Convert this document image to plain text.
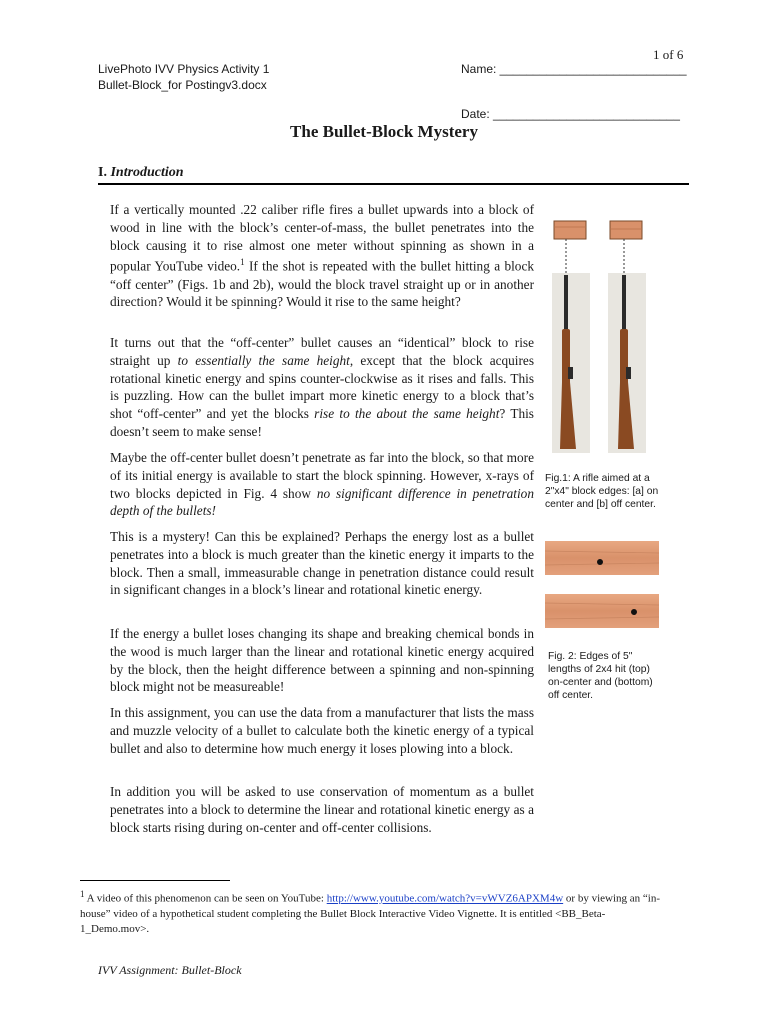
1 of 6
LivePhoto IVV Physics Activity 1
Bullet-Block_for Postingv3.docx
Name: ____________________________
Date: ____________________________
The Bullet-Block Mystery
I. Introduction

If a vertically mounted .22 caliber rifle fires a bullet upwards into a block of wood in line with the block’s center-of-mass, the bullet penetrates into the block causing it to rise almost one meter without spinning as shown in a popular YouTube video.$^1$ If the shot is repeated with the bullet hitting a block “off center” (Figs. 1b and 2b), would the block travel straight up or in another direction? Would it be spinning? Would it rise to the same height?

It turns out that the “off-center” bullet causes an “identical” block to rise straight up to essentially the same height, except that the block acquires rotational kinetic energy and spins counter-clockwise as it rises and falls. This is puzzling. How can the bullet impart more kinetic energy to a block that’s shot “off-center” and yet the blocks rise to the about the same height? This doesn’t seem to make sense!

Maybe the off-center bullet doesn’t penetrate as far into the block, so that more of its initial energy is available to start the block spinning. However, x-rays of two blocks depicted in Fig. 4 show no significant difference in penetration depth of the bullets!

This is a mystery! Can this be explained? Perhaps the energy lost as a bullet penetrates into a block is much greater than the kinetic energy it imparts to the block. Then a small, immeasurable change in penetration distance could result in significant changes in a block’s linear and rotational kinetic energy.

If the energy a bullet loses changing its shape and breaking chemical bonds in the wood is much larger than the linear and rotational kinetic energy acquired by the block, then the height difference between a spinning and non-spinning block might not be measureable!

In this assignment, you can use the data from a manufacturer that lists the mass and muzzle velocity of a bullet to calculate both the kinetic energy of a typical bullet and also to determine how much energy it loses plowing into a block.

In addition you will be asked to use conservation of momentum as a bullet penetrates into a block to determine the linear and rotational kinetic energy as a block starts rising during on-center and off-center collisions.

Fig.1: A rifle aimed at a 2"x4" block edges: [a] on center and [b] off center.
Fig. 2: Edges of 5" lengths of 2x4 hit (top) on-center and (bottom) off center.
$^1$ A video of this phenomenon can be seen on YouTube: http://www.youtube.com/watch?v=vWVZ6APXM4w or by viewing an “in-house” video of a hypothetical student completing the Bullet Block Interactive Video Vignette. It is entitled <BB_Beta-1_Demo.mov>.
IVV Assignment: Bullet-Block
